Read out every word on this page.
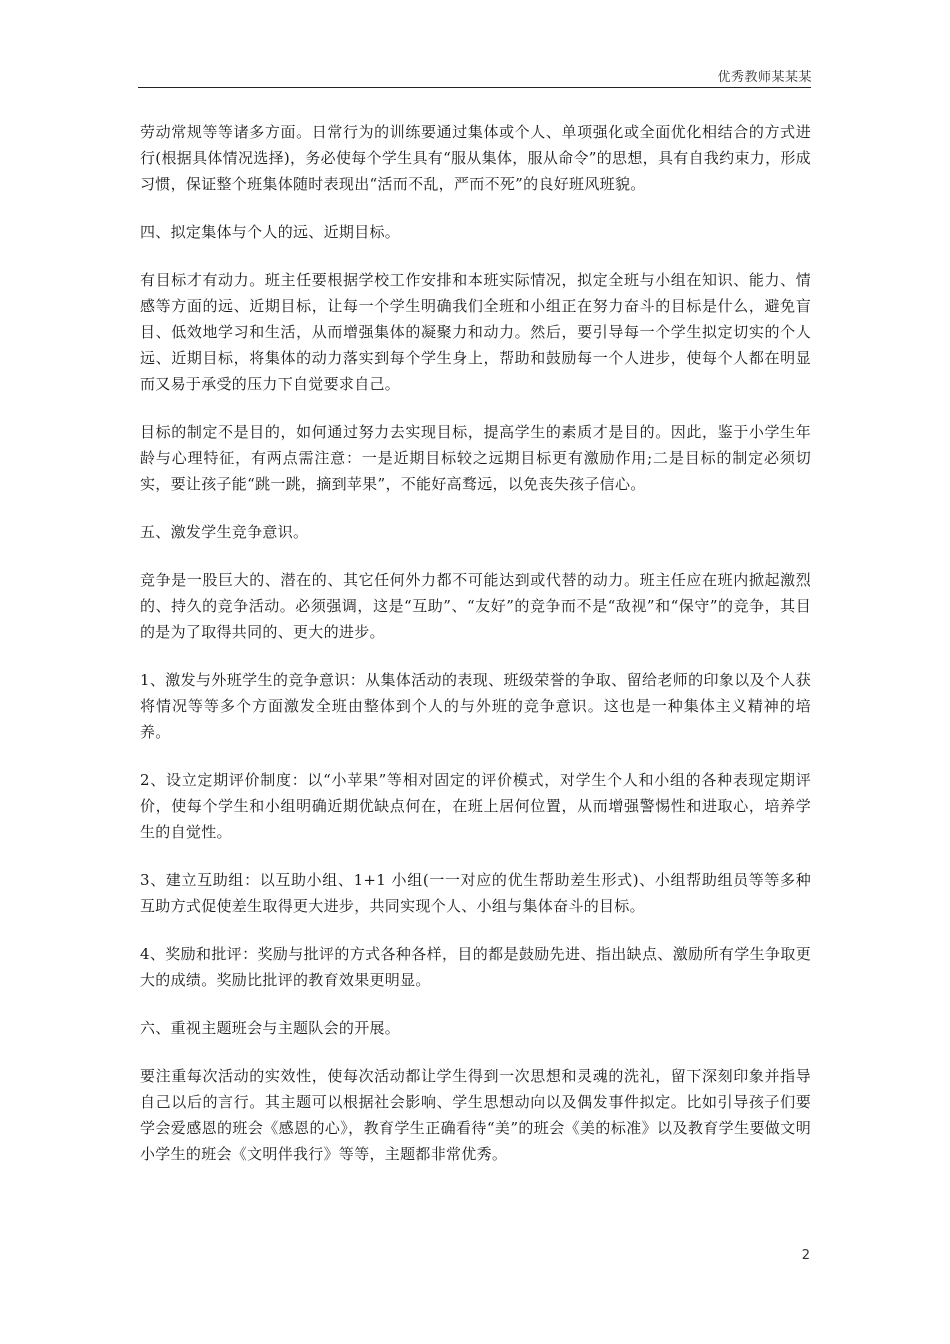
优秀教师某某某

劳动常规等等诸多方面。日常行为的训练要通过集体或个人、单项强化或全面优化相结合的方式进行(根据具体情况选择)，务必使每个学生具有“服从集体，服从命令”的思想，具有自我约束力，形成习惯，保证整个班集体随时表现出“活而不乱，严而不死”的良好班风班貌。

四、拟定集体与个人的远、近期目标。

有目标才有动力。班主任要根据学校工作安排和本班实际情况，拟定全班与小组在知识、能力、情感等方面的远、近期目标，让每一个学生明确我们全班和小组正在努力奋斗的目标是什么，避免盲目、低效地学习和生活，从而增强集体的凝聚力和动力。然后，要引导每一个学生拟定切实的个人远、近期目标，将集体的动力落实到每个学生身上，帮助和鼓励每一个人进步，使每个人都在明显而又易于承受的压力下自觉要求自己。

目标的制定不是目的，如何通过努力去实现目标，提高学生的素质才是目的。因此，鉴于小学生年龄与心理特征，有两点需注意：一是近期目标较之远期目标更有激励作用;二是目标的制定必须切实，要让孩子能“跳一跳，摘到苹果”，不能好高骛远，以免丧失孩子信心。

五、激发学生竞争意识。

竞争是一股巨大的、潜在的、其它任何外力都不可能达到或代替的动力。班主任应在班内掀起激烈的、持久的竞争活动。必须强调，这是“互助”、“友好”的竞争而不是“敌视”和“保守”的竞争，其目的是为了取得共同的、更大的进步。

1、激发与外班学生的竞争意识：从集体活动的表现、班级荣誉的争取、留给老师的印象以及个人获将情况等等多个方面激发全班由整体到个人的与外班的竞争意识。这也是一种集体主义精神的培养。

2、设立定期评价制度：以“小苹果”等相对固定的评价模式，对学生个人和小组的各种表现定期评价，使每个学生和小组明确近期优缺点何在，在班上居何位置，从而增强警惕性和进取心，培养学生的自觉性。

3、建立互助组：以互助小组、1+1 小组(一一对应的优生帮助差生形式)、小组帮助组员等等多种互助方式促使差生取得更大进步，共同实现个人、小组与集体奋斗的目标。

4、奖励和批评：奖励与批评的方式各种各样，目的都是鼓励先进、指出缺点、激励所有学生争取更大的成绩。奖励比批评的教育效果更明显。

六、重视主题班会与主题队会的开展。

要注重每次活动的实效性，使每次活动都让学生得到一次思想和灵魂的洗礼，留下深刻印象并指导自己以后的言行。其主题可以根据社会影响、学生思想动向以及偶发事件拟定。比如引导孩子们要学会爱感恩的班会《感恩的心》，教育学生正确看待“美”的班会《美的标准》以及教育学生要做文明小学生的班会《文明伴我行》等等，主题都非常优秀。

2
